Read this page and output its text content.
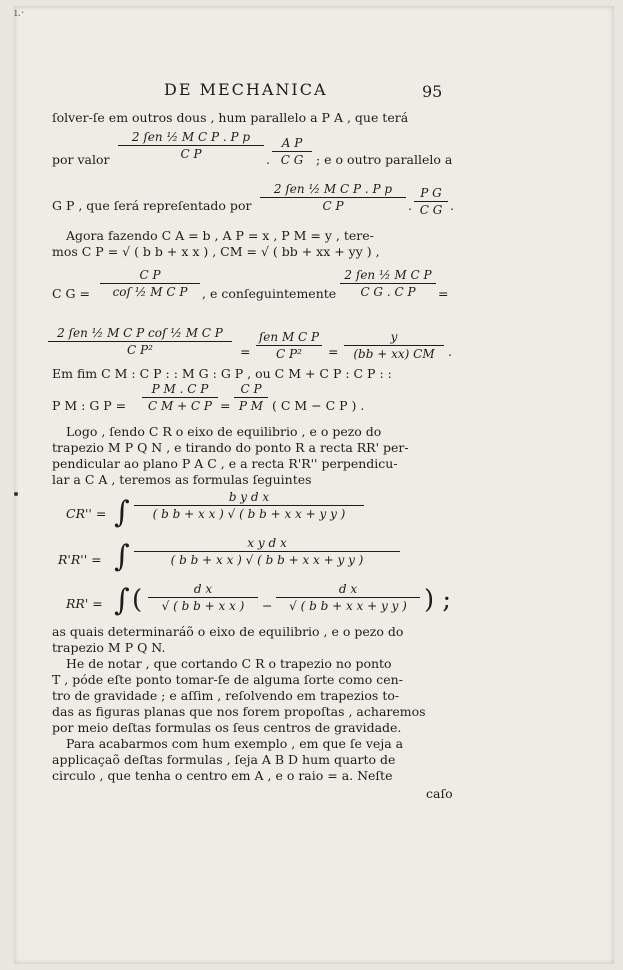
ı.·
DE MECHANICA	95
ſolver-ſe em outros dous , hum parallelo a P A , que terá
por valor
2 ſen ½ M C P . P p
C P	.
A P
C G	; e o outro parallelo a
G P , que ſerá repreſentado por
2 ſen ½ M C P . P p
C P	.
P G
C G .
Agora fazendo C A = b , A P = x , P M = y , tere-
mos C P = √ ( b b + x x ) , CM = √ ( bb + xx + yy ) ,
C G =
C P
coſ ½ M C P	, e conſeguintemente
2 ſen ½ M C P
C G . C P	=
2 ſen ½ M C P coſ ½ M C P
C P²	=
ſen M C P
C P²	=
y
(bb + xx) CM	.
Em fim C M : C P : : M G : G P , ou C M + C P : C P : :
P M : G P =
P M . C P
C M + C P =
C P
P M ( C M − C P ) .
Logo , ſendo C R o eixo de equilibrio , e o pezo do
trapezio M P Q N , e tirando do ponto R a recta RR' per-
pendicular ao plano P A C , e a recta R'R'' perpendicu-
lar a C A , teremos as formulas ſeguintes
CR'' = ∫	b y d x
( b b + x x ) √ ( b b + x x + y y )
R'R'' = ∫	x y d x
( b b + x x ) √ ( b b + x x + y y )
RR' = ∫ (	d x
√ ( b b + x x )	−
d x
√ ( b b + x x + y y ) ) ;
as quais determinaráõ o eixo de equilibrio , e o pezo do
trapezio M P Q N.
He de notar , que cortando C R o trapezio no ponto
T , póde eſte ponto tomar-ſe de alguma ſorte como cen-
tro de gravidade ; e aſſim , reſolvendo em trapezios to-
das as figuras planas que nos forem propoſtas , acharemos
por meio deſtas formulas os ſeus centros de gravidade.
Para acabarmos com hum exemplo , em que ſe veja a
applicaçaõ deſtas formulas , ſeja A B D hum quarto de
circulo , que tenha o centro em A , e o raio = a. Neſte
caſo
